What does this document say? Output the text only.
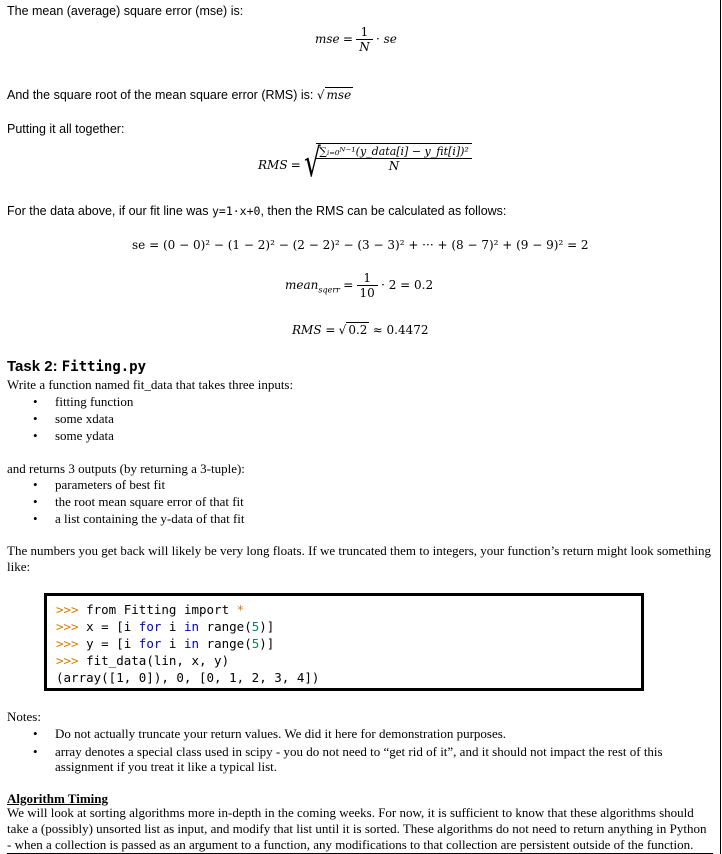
The mean (average) square error (mse) is:
mse = $\frac{1}{N}$ · se
And the square root of the mean square error (RMS) is: √ mse
Putting it all together:
RMS = √
∑ᵢ₌₀ᴺ⁻¹(y_data[i] − y_fit[i])²
N
For the data above, if our fit line was y=1·x+0, then the RMS can be calculated as follows:
se = (0 − 0)² − (1 − 2)² − (2 − 2)² − (3 − 3)² + ··· + (8 − 7)² + (9 − 9)² = 2
mean$_{sqerr}$ = $\frac{1}{10} \cdot 2 = 0.2$
RMS = √ 0.2 ≈ 0.4472
Task 2: Fitting.py
Write a function named fit_data that takes three inputs:
• fitting function
• some xdata
• some ydata
and returns 3 outputs (by returning a 3-tuple):
• parameters of best fit
• the root mean square error of that fit
• a list containing the y-data of that fit
The numbers you get back will likely be very long floats. If we truncated them to integers, your function’s return might look something like:
>>> from Fitting import *
>>> x = [i for i in range(5)]
>>> y = [i for i in range(5)]
>>> fit_data(lin, x, y)
(array([1, 0]), 0, [0, 1, 2, 3, 4])
Notes:
• Do not actually truncate your return values. We did it here for demonstration purposes.
• array denotes a special class used in scipy - you do not need to “get rid of it”, and it should not impact the rest of this assignment if you treat it like a typical list.
Algorithm Timing
We will look at sorting algorithms more in-depth in the coming weeks. For now, it is sufficient to know that these algorithms should take a (possibly) unsorted list as input, and modify that list until it is sorted. These algorithms do not need to return anything in Python - when a collection is passed as an argument to a function, any modifications to that collection are persistent outside of the function.
